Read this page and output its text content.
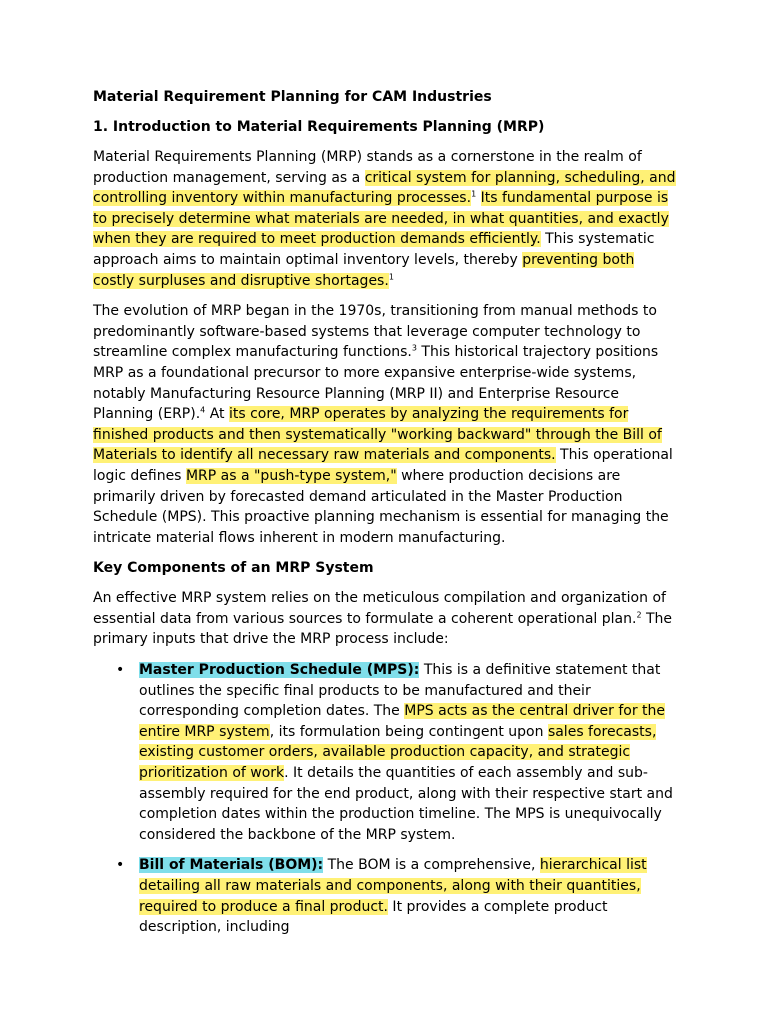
Material Requirement Planning for CAM Industries
1. Introduction to Material Requirements Planning (MRP)

Material Requirements Planning (MRP) stands as a cornerstone in the realm of production management, serving as a critical system for planning, scheduling, and controlling inventory within manufacturing processes.$^1$ Its fundamental purpose is to precisely determine what materials are needed, in what quantities, and exactly when they are required to meet production demands efficiently. This systematic approach aims to maintain optimal inventory levels, thereby preventing both costly surpluses and disruptive shortages.$^1$

The evolution of MRP began in the 1970s, transitioning from manual methods to predominantly software-based systems that leverage computer technology to streamline complex manufacturing functions.$^3$ This historical trajectory positions MRP as a foundational precursor to more expansive enterprise-wide systems, notably Manufacturing Resource Planning (MRP II) and Enterprise Resource Planning (ERP).$^4$ At its core, MRP operates by analyzing the requirements for finished products and then systematically "working backward" through the Bill of Materials to identify all necessary raw materials and components. This operational logic defines MRP as a "push-type system," where production decisions are primarily driven by forecasted demand articulated in the Master Production Schedule (MPS). This proactive planning mechanism is essential for managing the intricate material flows inherent in modern manufacturing.

Key Components of an MRP System

An effective MRP system relies on the meticulous compilation and organization of essential data from various sources to formulate a coherent operational plan.$^2$ The primary inputs that drive the MRP process include:

• Master Production Schedule (MPS): This is a definitive statement that outlines the specific final products to be manufactured and their corresponding completion dates. The MPS acts as the central driver for the entire MRP system, its formulation being contingent upon sales forecasts, existing customer orders, available production capacity, and strategic prioritization of work. It details the quantities of each assembly and sub-assembly required for the end product, along with their respective start and completion dates within the production timeline. The MPS is unequivocally considered the backbone of the MRP system.
• Bill of Materials (BOM): The BOM is a comprehensive, hierarchical list detailing all raw materials and components, along with their quantities, required to produce a final product. It provides a complete product description, including
